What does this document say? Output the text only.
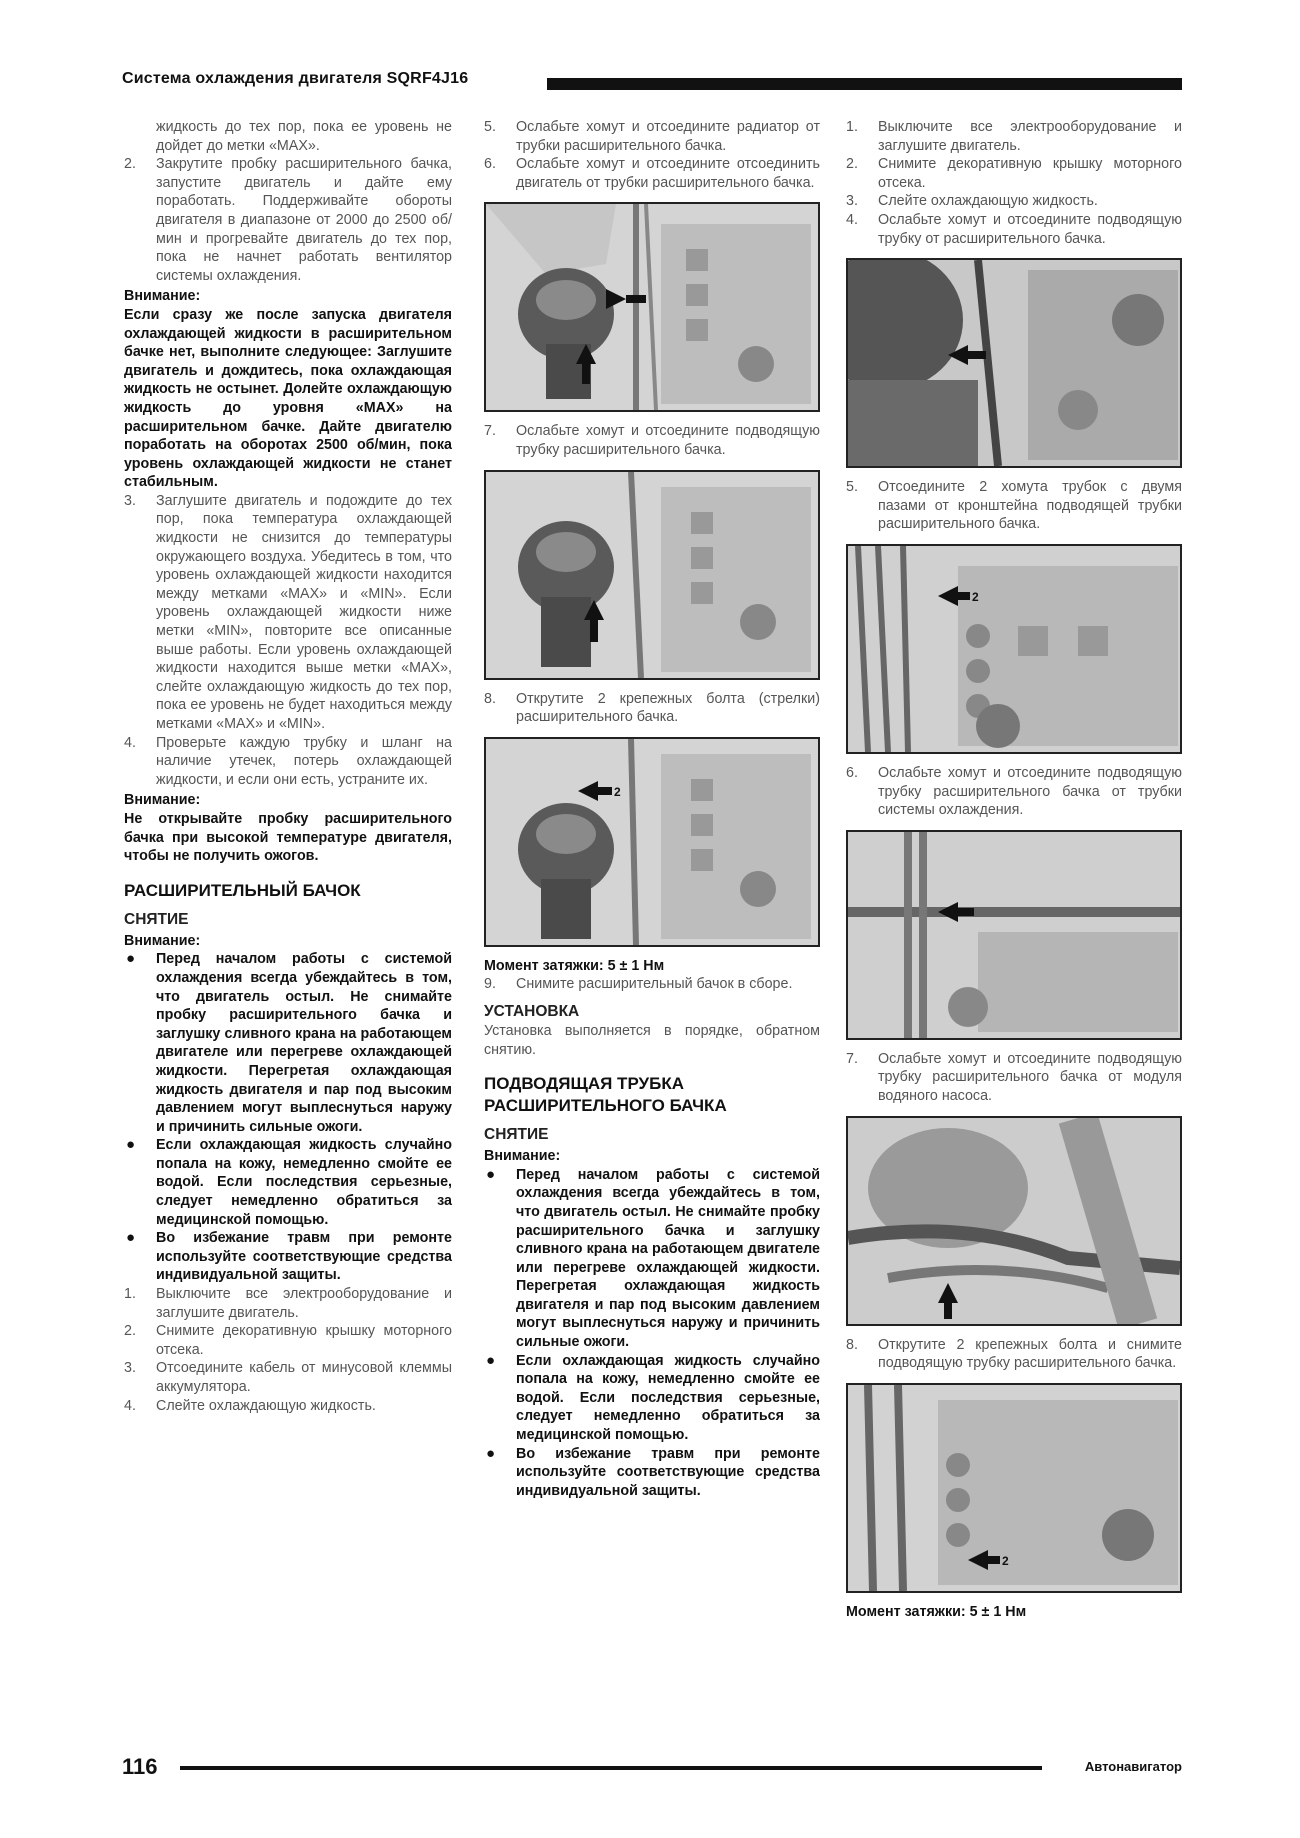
Система охлаждения двигателя SQRF4J16
жидкость до тех пор, пока ее уровень не дойдет до метки «MAX».
2. Закрутите пробку расширительного бачка, запустите двигатель и дайте ему поработать. Поддерживайте обороты двигателя в диапазоне от 2000 до 2500 об/мин и прогревайте двигатель до тех пор, пока не начнет работать вентилятор системы охлаждения.
Внимание:
Если сразу же после запуска двигателя охлаждающей жидкости в расширительном бачке нет, выполните следующее: Заглушите двигатель и дождитесь, пока охлаждающая жидкость не остынет. Долейте охлаждающую жидкость до уровня «MAX» на расширительном бачке. Дайте двигателю поработать на оборотах 2500 об/мин, пока уровень охлаждающей жидкости не станет стабильным.
3. Заглушите двигатель и подождите до тех пор, пока температура охлаждающей жидкости не снизится до температуры окружающего воздуха. Убедитесь в том, что уровень охлаждающей жидкости находится между метками «MAX» и «MIN». Если уровень охлаждающей жидкости ниже метки «MIN», повторите все описанные выше работы. Если уровень охлаждающей жидкости находится выше метки «MAX», слейте охлаждающую жидкость до тех пор, пока ее уровень не будет находиться между метками «MAX» и «MIN».
4. Проверьте каждую трубку и шланг на наличие утечек, потерь охлаждающей жидкости, и если они есть, устраните их.
Внимание:
Не открывайте пробку расширительного бачка при высокой температуре двигателя, чтобы не получить ожогов.
РАСШИРИТЕЛЬНЫЙ БАЧОК
СНЯТИЕ
Внимание:
● Перед началом работы с системой охлаждения всегда убеждайтесь в том, что двигатель остыл. Не снимайте пробку расширительного бачка и заглушку сливного крана на работающем двигателе или перегреве охлаждающей жидкости. Перегретая охлаждающая жидкость двигателя и пар под высоким давлением могут выплеснуться наружу и причинить сильные ожоги.
● Если охлаждающая жидкость случайно попала на кожу, немедленно смойте ее водой. Если последствия серьезные, следует немедленно обратиться за медицинской помощью.
● Во избежание травм при ремонте используйте соответствующие средства индивидуальной защиты.
1. Выключите все электрооборудование и заглушите двигатель.
2. Снимите декоративную крышку моторного отсека.
3. Отсоедините кабель от минусовой клеммы аккумулятора.
4. Слейте охлаждающую жидкость.
5. Ослабьте хомут и отсоедините радиатор от трубки расширительного бачка.
6. Ослабьте хомут и отсоедините отсоединить двигатель от трубки расширительного бачка.
7. Ослабьте хомут и отсоедините подводящую трубку расширительного бачка.
8. Открутите 2 крепежных болта (стрелки) расширительного бачка.
2
Момент затяжки: 5 ± 1 Нм
9. Снимите расширительный бачок в сборе.
УСТАНОВКА
Установка выполняется в порядке, обратном снятию.
ПОДВОДЯЩАЯ ТРУБКА РАСШИРИТЕЛЬНОГО БАЧКА
СНЯТИЕ
Внимание:
● Перед началом работы с системой охлаждения всегда убеждайтесь в том, что двигатель остыл. Не снимайте пробку расширительного бачка и заглушку сливного крана на работающем двигателе или перегреве охлаждающей жидкости. Перегретая охлаждающая жидкость двигателя и пар под высоким давлением могут выплеснуться наружу и причинить сильные ожоги.
● Если охлаждающая жидкость случайно попала на кожу, немедленно смойте ее водой. Если последствия серьезные, следует немедленно обратиться за медицинской помощью.
● Во избежание травм при ремонте используйте соответствующие средства индивидуальной защиты.
1. Выключите все электрооборудование и заглушите двигатель.
2. Снимите декоративную крышку моторного отсека.
3. Слейте охлаждающую жидкость.
4. Ослабьте хомут и отсоедините подводящую трубку от расширительного бачка.
5. Отсоедините 2 хомута трубок с двумя пазами от кронштейна подводящей трубки расширительного бачка.
2
6. Ослабьте хомут и отсоедините подводящую трубку расширительного бачка от трубки системы охлаждения.
7. Ослабьте хомут и отсоедините подводящую трубку расширительного бачка от модуля водяного насоса.
8. Открутите 2 крепежных болта и снимите подводящую трубку расширительного бачка.
2
Момент затяжки: 5 ± 1 Нм
116	Автонавигатор
